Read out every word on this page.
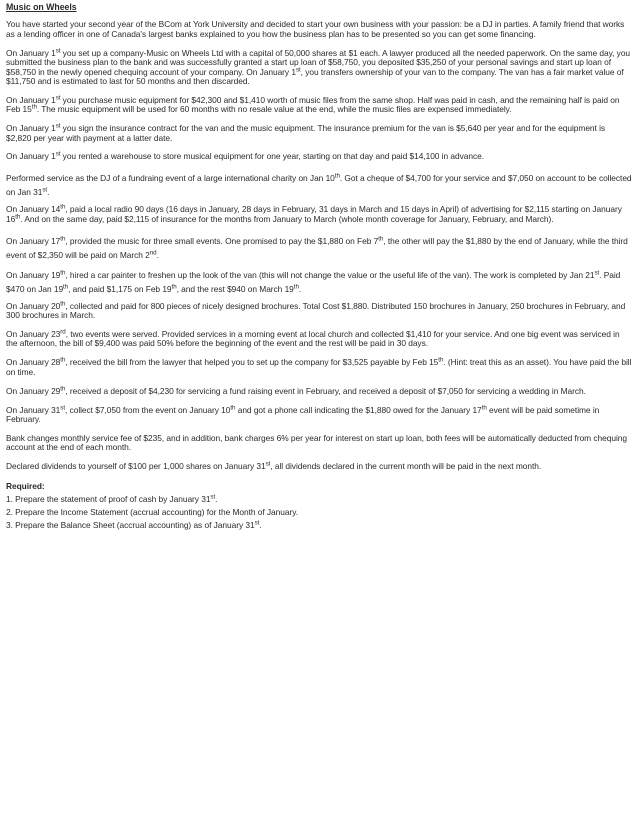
Music on Wheels

You have started your second year of the BCom at York University and decided to start your own business with your passion: be a DJ in parties. A family friend that works as a lending officer in one of Canada's largest banks explained to you how the business plan has to be presented so you can get some financing.

On January 1st you set up a company-Music on Wheels Ltd with a capital of 50,000 shares at $1 each. A lawyer produced all the needed paperwork. On the same day, you submitted the business plan to the bank and was successfully granted a start up loan of $58,750, you deposited $35,250 of your personal savings and start up loan of $58,750 in the newly opened chequing account of your company. On January 1st, you transfers ownership of your van to the company. The van has a fair market value of $11,750 and is estimated to last for 50 months and then discarded.

On January 1st you purchase music equipment for $42,300 and $1,410 worth of music files from the same shop. Half was paid in cash, and the remaining half is paid on Feb 15th. The music equipment will be used for 60 months with no resale value at the end, while the music files are expensed immediately.

On January 1st you sign the insurance contract for the van and the music equipment. The insurance premium for the van is $5,640 per year and for the equipment is $2,820 per year with payment at a latter date.

On January 1st you rented a warehouse to store musical equipment for one year, starting on that day and paid $14,100 in advance.

Performed service as the DJ of a fundraing event of a large international charity on Jan 10th. Got a cheque of $4,700 for your service and $7,050 on account to be collected on Jan 31st.

On January 14th, paid a local radio 90 days (16 days in January, 28 days in February, 31 days in March and 15 days in April) of advertising for $2,115 starting on January 16th. And on the same day, paid $2,115 of insurance for the months from January to March (whole month coverage for January, February, and March).

On January 17th, provided the music for three small events. One promised to pay the $1,880 on Feb 7th, the other will pay the $1,880 by the end of January, while the third event of $2,350 will be paid on March 2nd.

On January 19th, hired a car painter to freshen up the look of the van (this will not change the value or the useful life of the van). The work is completed by Jan 21st. Paid $470 on Jan 19th, and paid $1,175 on Feb 19th, and the rest $940 on March 19th.

On January 20th, collected and paid for 800 pieces of nicely designed brochures. Total Cost $1,880. Distributed 150 brochures in January, 250 brochures in February, and 300 brochures in March.

On January 23rd, two events were served. Provided services in a morning event at local church and collected $1,410 for your service. And one big event was serviced in the afternoon, the bill of $9,400 was paid 50% before the beginning of the event and the rest will be paid in 30 days.

On January 28th, received the bill from the lawyer that helped you to set up the company for $3,525 payable by Feb 15th. (Hint: treat this as an asset). You have paid the bill on time.

On January 29th, received a deposit of $4,230 for servicing a fund raising event in February, and received a deposit of $7,050 for servicing a wedding in March.

On January 31st, collect $7,050 from the event on January 10th and got a phone call indicating the $1,880 owed for the January 17th event will be paid sometime in February.

Bank changes monthly service fee of $235, and in addition, bank charges 6% per year for interest on start up loan, both fees will be automatically deducted from chequing account at the end of each month.

Declared dividends to yourself of $100 per 1,000 shares on January 31st, all dividends declared in the current month will be paid in the next month.

Required:
1. Prepare the statement of proof of cash by January 31st.
2. Prepare the Income Statement (accrual accounting) for the Month of January.
3. Prepare the Balance Sheet (accrual accounting) as of January 31st.
